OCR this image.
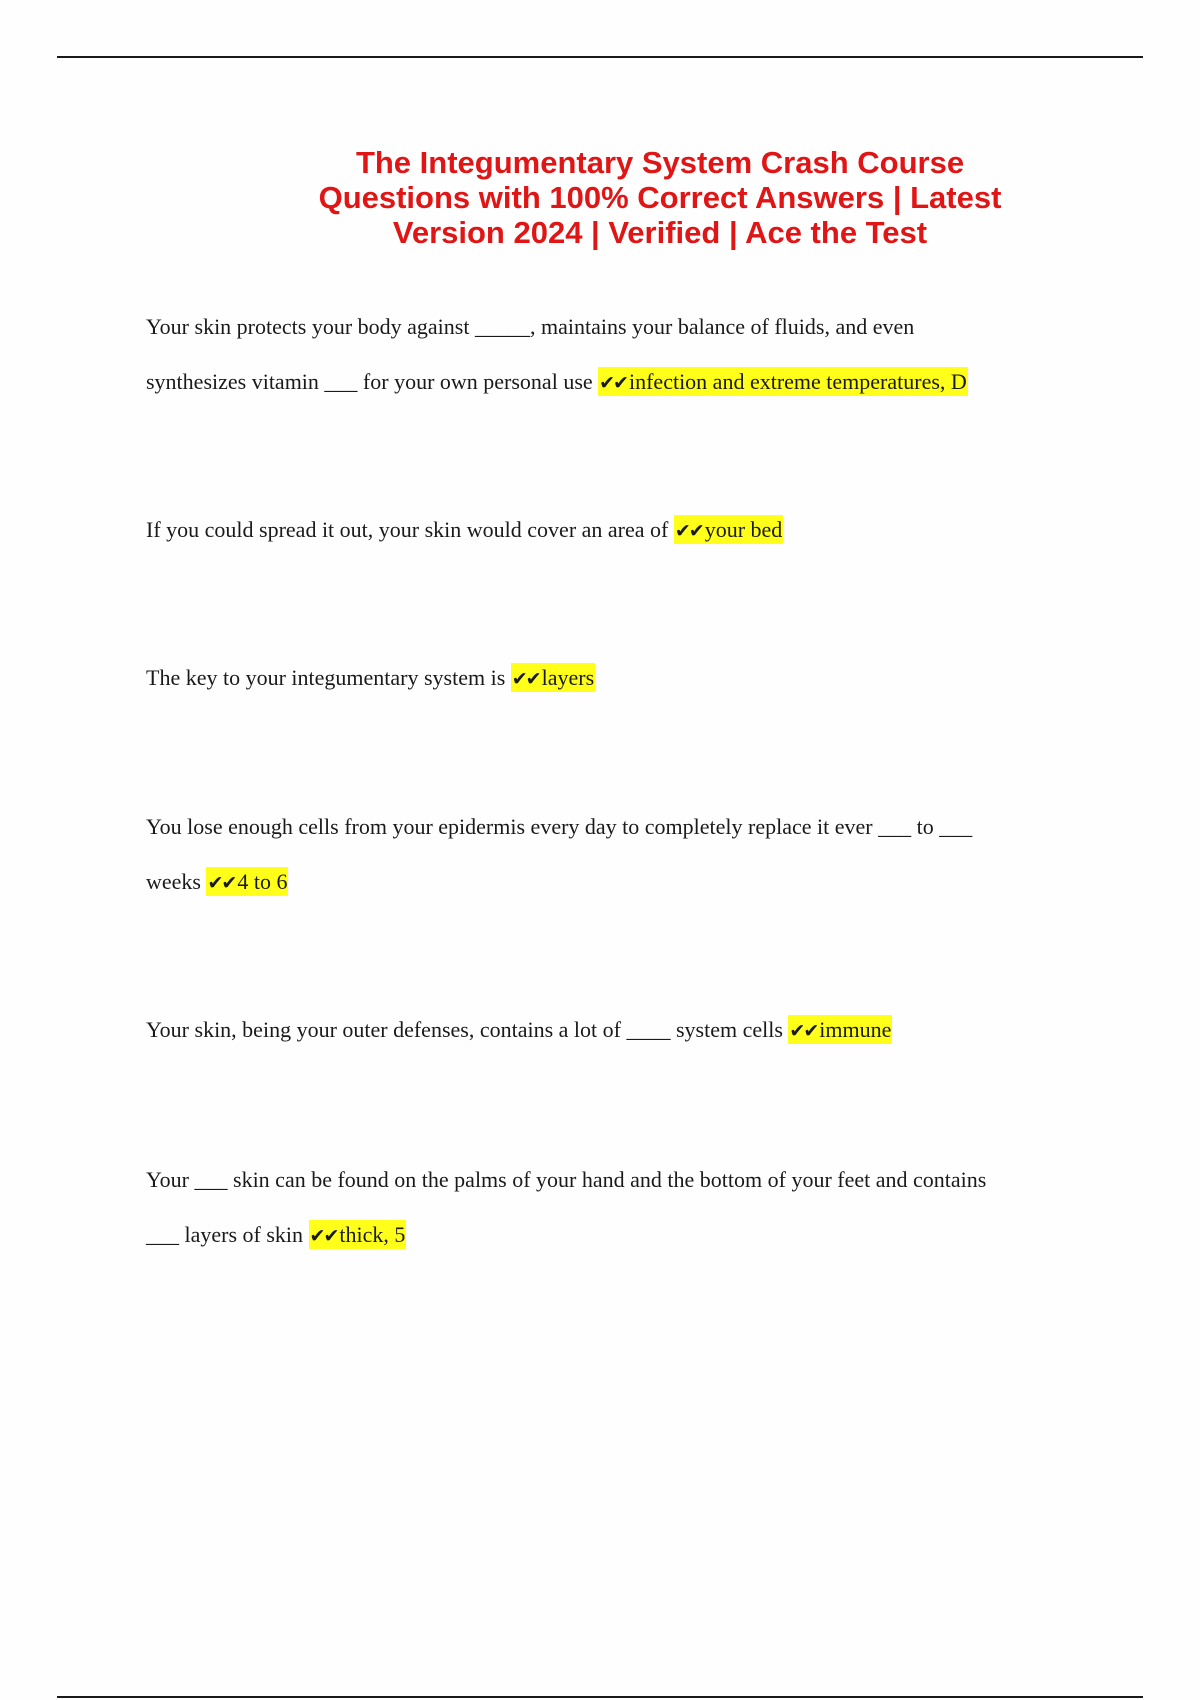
The Integumentary System Crash Course
Questions with 100% Correct Answers | Latest
Version 2024 | Verified | Ace the Test
Your skin protects your body against _____, maintains your balance of fluids, and even
synthesizes vitamin ___ for your own personal use ✔✔infection and extreme temperatures, D
If you could spread it out, your skin would cover an area of ✔✔your bed
The key to your integumentary system is ✔✔layers
You lose enough cells from your epidermis every day to completely replace it ever ___ to ___
weeks ✔✔4 to 6
Your skin, being your outer defenses, contains a lot of ____ system cells ✔✔immune
Your ___ skin can be found on the palms of your hand and the bottom of your feet and contains
___ layers of skin ✔✔thick, 5
